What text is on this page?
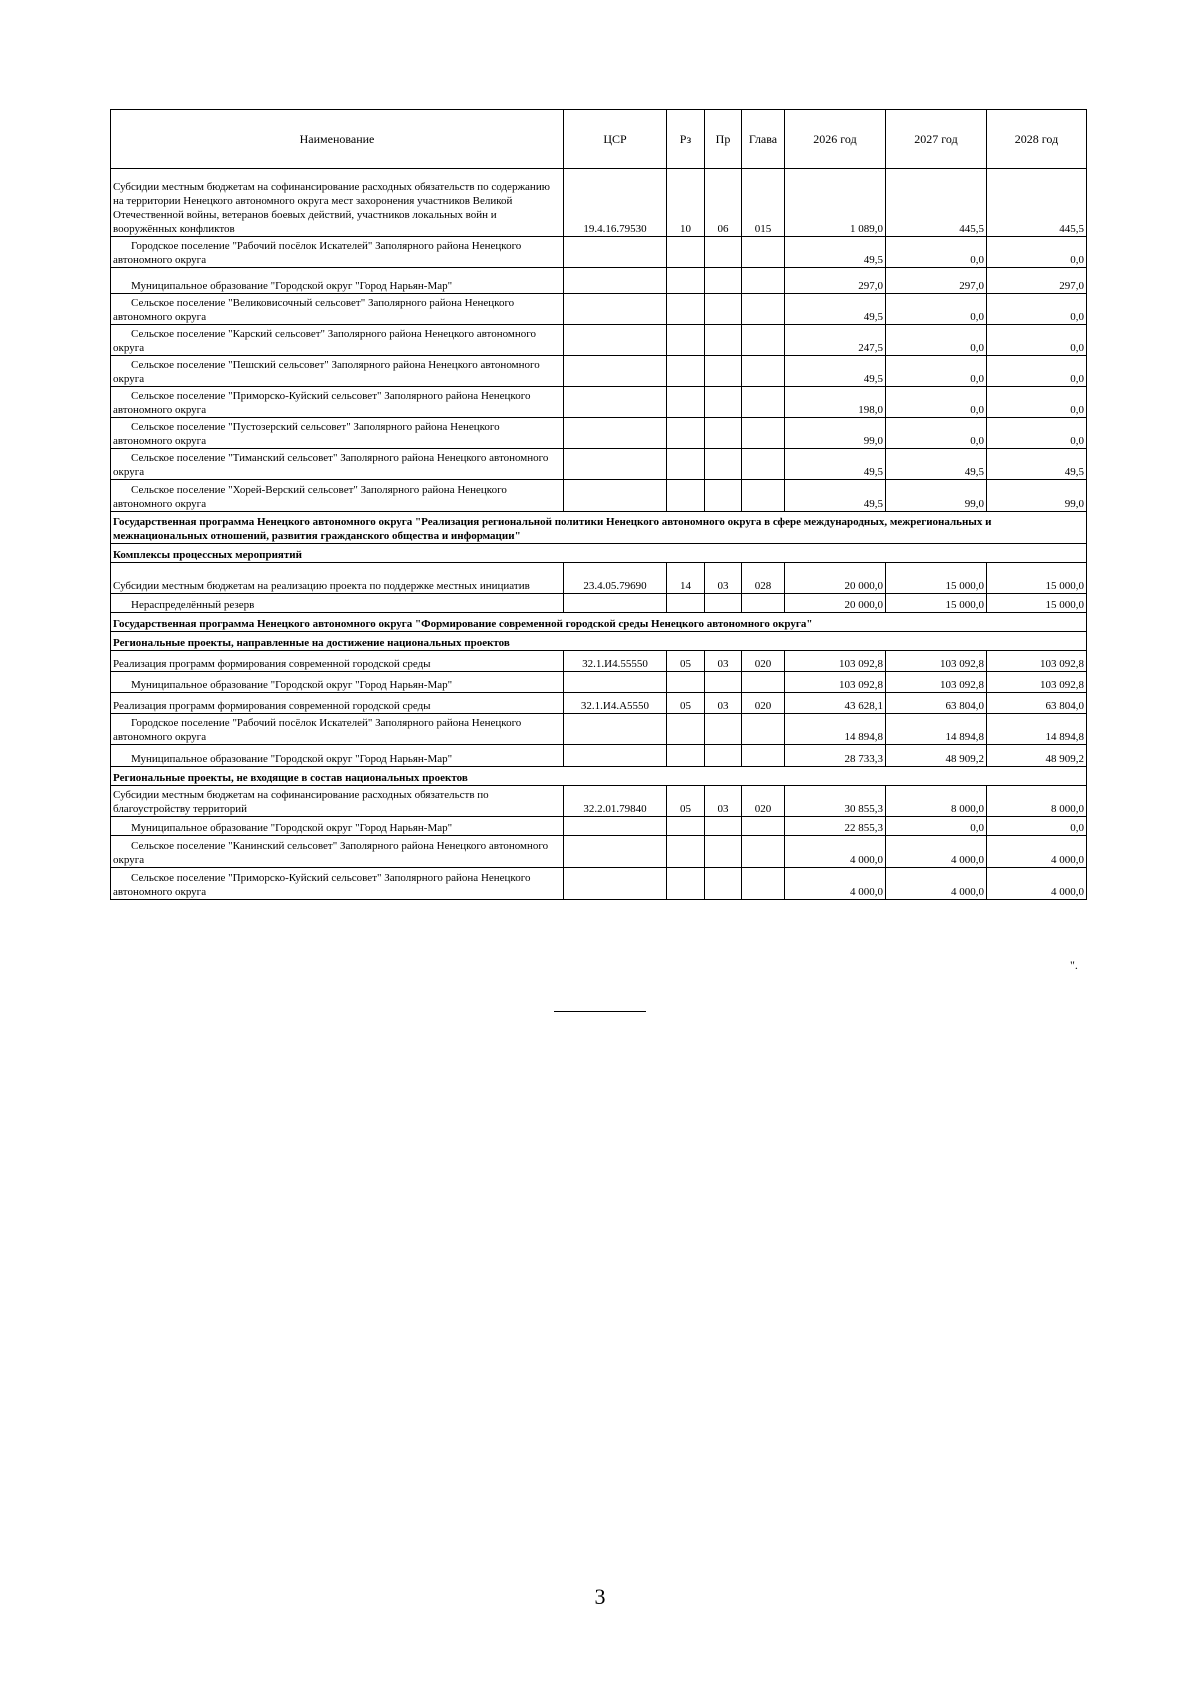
Наименование	ЦСР	Рз	Пр	Глава	2026 год	2027 год	2028 год
Субсидии местным бюджетам на софинансирование расходных обязательств по содержанию на территории Ненецкого автономного округа мест захоронения участников Великой Отечественной войны, ветеранов боевых действий, участников локальных войн и вооружённых конфликтов	19.4.16.79530	10	06	015	1 089,0	445,5	445,5
Городское поселение "Рабочий посёлок Искателей" Заполярного района Ненецкого автономного округа					49,5	0,0	0,0
Муниципальное образование "Городской округ "Город Нарьян-Мар"					297,0	297,0	297,0
Сельское поселение "Великовисочный сельсовет" Заполярного района Ненецкого автономного округа					49,5	0,0	0,0
Сельское поселение "Карский сельсовет" Заполярного района Ненецкого автономного округа					247,5	0,0	0,0
Сельское поселение "Пешский сельсовет" Заполярного района Ненецкого автономного округа					49,5	0,0	0,0
Сельское поселение "Приморско-Куйский сельсовет" Заполярного района Ненецкого автономного округа					198,0	0,0	0,0
Сельское поселение "Пустозерский сельсовет" Заполярного района Ненецкого автономного округа					99,0	0,0	0,0
Сельское поселение "Тиманский сельсовет" Заполярного района Ненецкого автономного округа					49,5	49,5	49,5
Сельское поселение "Хорей-Верский сельсовет" Заполярного района Ненецкого автономного округа					49,5	99,0	99,0
Государственная программа Ненецкого автономного округа "Реализация региональной политики Ненецкого автономного округа в сфере международных, межрегиональных и межнациональных отношений, развития гражданского общества и информации"							
Комплексы процессных мероприятий							
Субсидии местным бюджетам на реализацию проекта по поддержке местных инициатив	23.4.05.79690	14	03	028	20 000,0	15 000,0	15 000,0
Нераспределённый резерв					20 000,0	15 000,0	15 000,0
Государственная программа Ненецкого автономного округа "Формирование современной городской среды Ненецкого автономного округа"							
Региональные проекты, направленные на достижение национальных проектов							
Реализация программ формирования современной городской среды	32.1.И4.55550	05	03	020	103 092,8	103 092,8	103 092,8
Муниципальное образование "Городской округ "Город Нарьян-Мар"					103 092,8	103 092,8	103 092,8
Реализация программ формирования современной городской среды	32.1.И4.А5550	05	03	020	43 628,1	63 804,0	63 804,0
Городское поселение "Рабочий посёлок Искателей" Заполярного района Ненецкого автономного округа					14 894,8	14 894,8	14 894,8
Муниципальное образование "Городской округ "Город Нарьян-Мар"					28 733,3	48 909,2	48 909,2
Региональные проекты, не входящие в состав национальных проектов							
Субсидии местным бюджетам на софинансирование расходных обязательств по благоустройству территорий	32.2.01.79840	05	03	020	30 855,3	8 000,0	8 000,0
Муниципальное образование "Городской округ "Город Нарьян-Мар"					22 855,3	0,0	0,0
Сельское поселение "Канинский сельсовет" Заполярного района Ненецкого автономного округа					4 000,0	4 000,0	4 000,0
Сельское поселение "Приморско-Куйский сельсовет" Заполярного района Ненецкого автономного округа					4 000,0	4 000,0	4 000,0
".
3
